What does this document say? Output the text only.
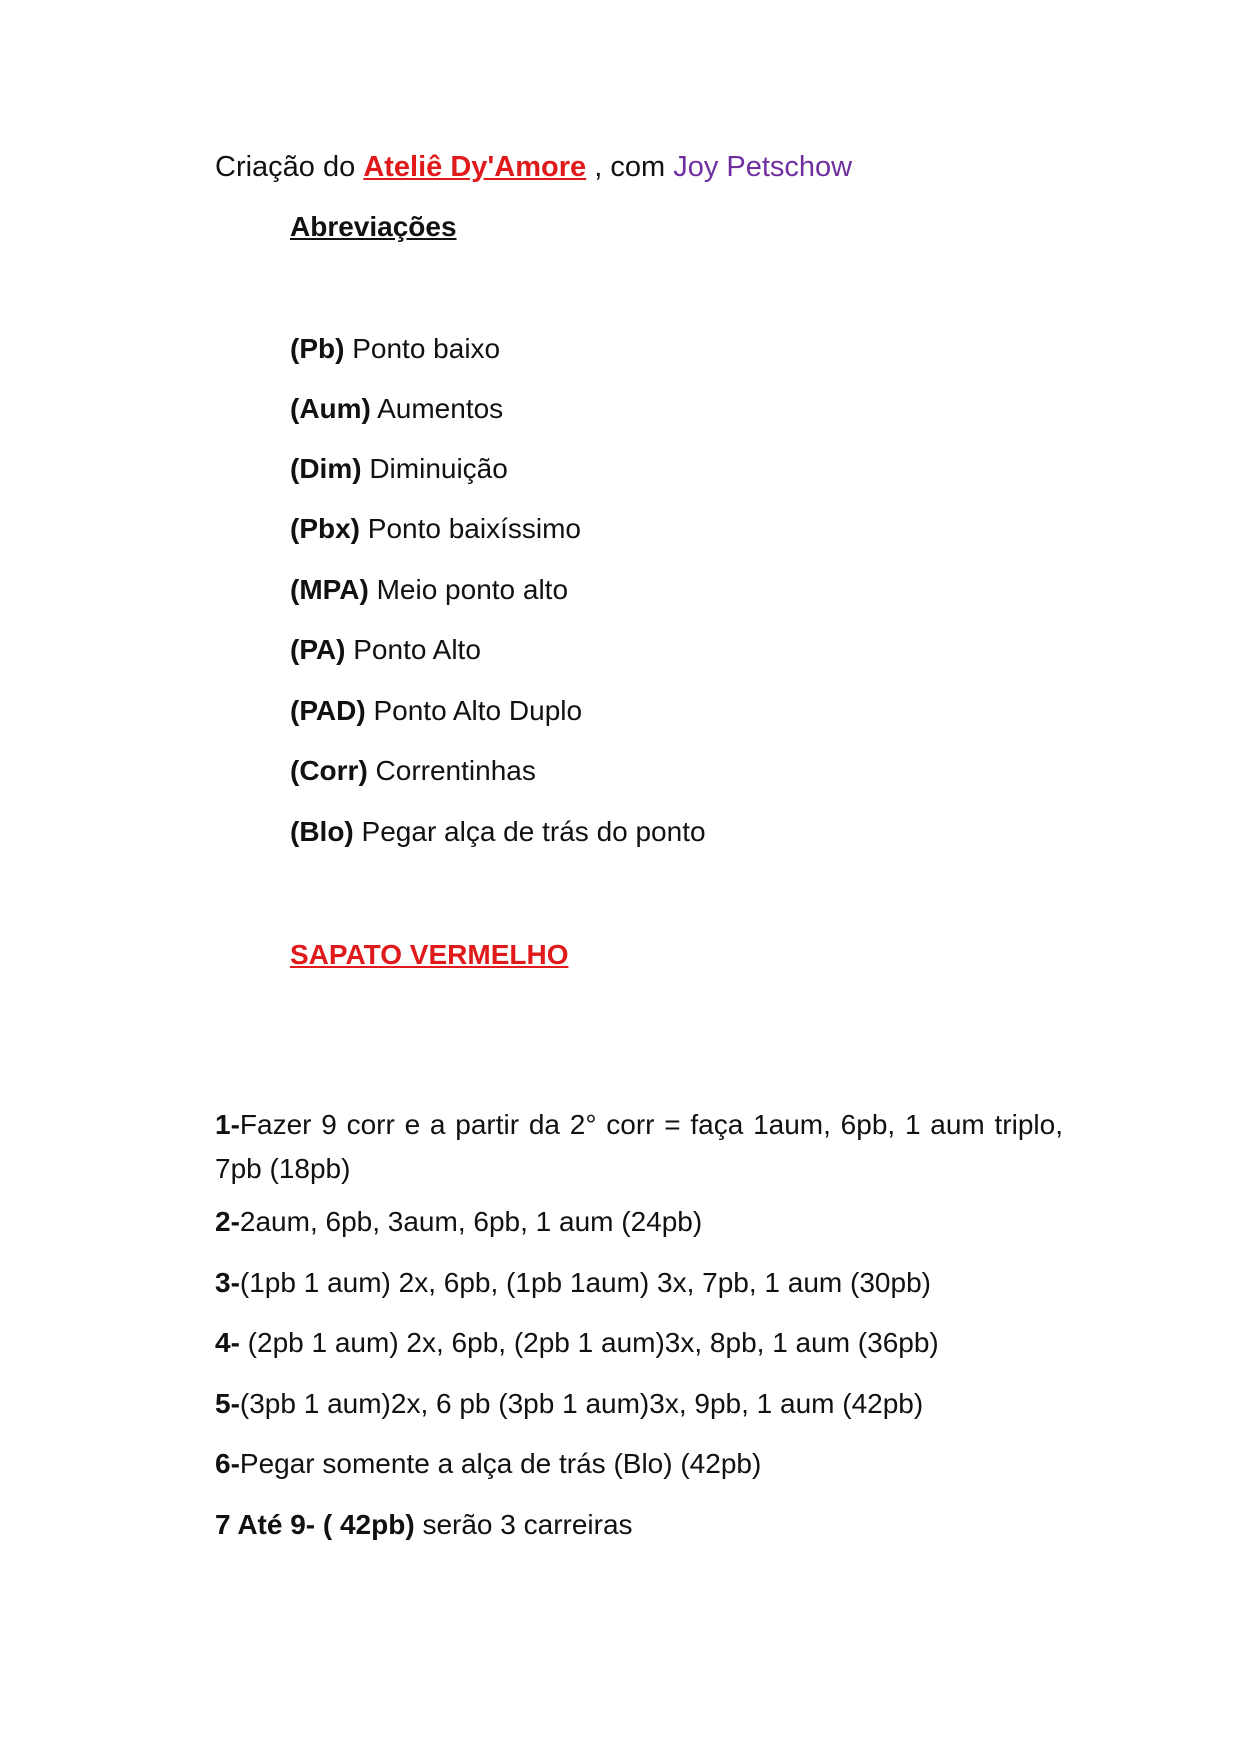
Criação do Ateliê Dy'Amore , com Joy Petschow
Abreviações
(Pb) Ponto baixo
(Aum) Aumentos
(Dim) Diminuição
(Pbx) Ponto baixíssimo
(MPA) Meio ponto alto
(PA) Ponto Alto
(PAD) Ponto Alto Duplo
(Corr) Correntinhas
(Blo) Pegar alça de trás do ponto
SAPATO VERMELHO
1-Fazer 9 corr e a partir da 2° corr = faça 1aum, 6pb, 1 aum triplo, 7pb (18pb)
2-2aum, 6pb, 3aum, 6pb, 1 aum (24pb)
3-(1pb 1 aum) 2x, 6pb, (1pb 1aum) 3x, 7pb, 1 aum (30pb)
4- (2pb 1 aum) 2x, 6pb, (2pb 1 aum)3x, 8pb, 1 aum (36pb)
5-(3pb 1 aum)2x, 6 pb (3pb 1 aum)3x, 9pb, 1 aum (42pb)
6-Pegar somente a alça de trás (Blo) (42pb)
7 Até 9- ( 42pb) serão 3 carreiras
